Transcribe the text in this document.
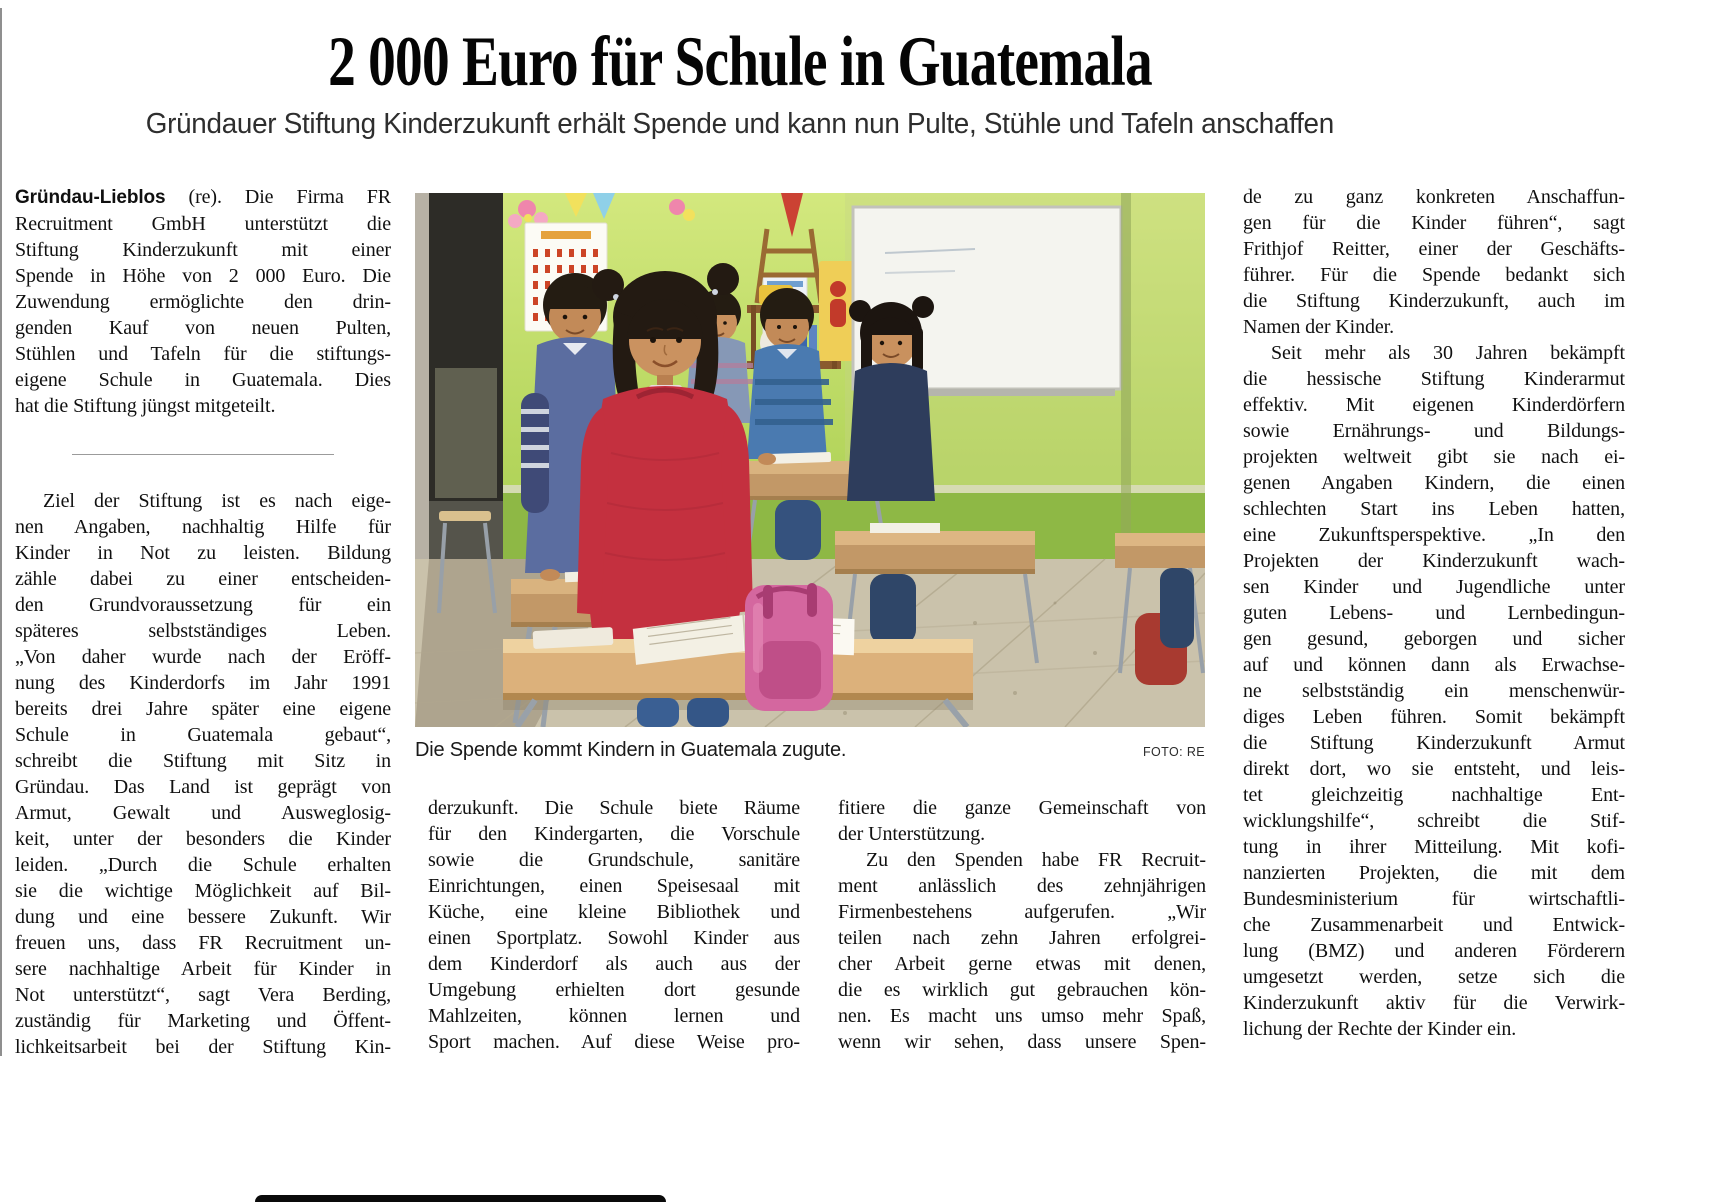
2 000 Euro für Schule in Guatemala
Gründauer Stiftung Kinderzukunft erhält Spende und kann nun Pulte, Stühle und Tafeln anschaffen
Gründau-Lieblos (re). Die Firma FR
Recruitment GmbH unterstützt die
Stiftung Kinderzukunft mit einer
Spende in Höhe von 2 000 Euro. Die
Zuwendung ermöglichte den drin-
genden Kauf von neuen Pulten,
Stühlen und Tafeln für die stiftungs-
eigene Schule in Guatemala. Dies
hat die Stiftung jüngst mitgeteilt.
Ziel der Stiftung ist es nach eige-
nen Angaben, nachhaltig Hilfe für
Kinder in Not zu leisten. Bildung
zähle dabei zu einer entscheiden-
den Grundvoraussetzung für ein
späteres selbstständiges Leben.
„Von daher wurde nach der Eröff-
nung des Kinderdorfs im Jahr 1991
bereits drei Jahre später eine eigene
Schule in Guatemala gebaut“,
schreibt die Stiftung mit Sitz in
Gründau. Das Land ist geprägt von
Armut, Gewalt und Ausweglosig-
keit, unter der besonders die Kinder
leiden. „Durch die Schule erhalten
sie die wichtige Möglichkeit auf Bil-
dung und eine bessere Zukunft. Wir
freuen uns, dass FR Recruitment un-
sere nachhaltige Arbeit für Kinder in
Not unterstützt“, sagt Vera Berding,
zuständig für Marketing und Öffent-
lichkeitsarbeit bei der Stiftung Kin-
Die Spende kommt Kindern in Guatemala zugute.	FOTO: RE
derzukunft. Die Schule biete Räume
für den Kindergarten, die Vorschule
sowie die Grundschule, sanitäre
Einrichtungen, einen Speisesaal mit
Küche, eine kleine Bibliothek und
einen Sportplatz. Sowohl Kinder aus
dem Kinderdorf als auch aus der
Umgebung erhielten dort gesunde
Mahlzeiten, können lernen und
Sport machen. Auf diese Weise pro-
fitiere die ganze Gemeinschaft von
der Unterstützung.
Zu den Spenden habe FR Recruit-
ment anlässlich des zehnjährigen
Firmenbestehens aufgerufen. „Wir
teilen nach zehn Jahren erfolgrei-
cher Arbeit gerne etwas mit denen,
die es wirklich gut gebrauchen kön-
nen. Es macht uns umso mehr Spaß,
wenn wir sehen, dass unsere Spen-
de zu ganz konkreten Anschaffun-
gen für die Kinder führen“, sagt
Frithjof Reitter, einer der Geschäfts-
führer. Für die Spende bedankt sich
die Stiftung Kinderzukunft, auch im
Namen der Kinder.
Seit mehr als 30 Jahren bekämpft
die hessische Stiftung Kinderarmut
effektiv. Mit eigenen Kinderdörfern
sowie Ernährungs- und Bildungs-
projekten weltweit gibt sie nach ei-
genen Angaben Kindern, die einen
schlechten Start ins Leben hatten,
eine Zukunftsperspektive. „In den
Projekten der Kinderzukunft wach-
sen Kinder und Jugendliche unter
guten Lebens- und Lernbedingun-
gen gesund, geborgen und sicher
auf und können dann als Erwachse-
ne selbstständig ein menschenwür-
diges Leben führen. Somit bekämpft
die Stiftung Kinderzukunft Armut
direkt dort, wo sie entsteht, und leis-
tet gleichzeitig nachhaltige Ent-
wicklungshilfe“, schreibt die Stif-
tung in ihrer Mitteilung. Mit kofi-
nanzierten Projekten, die mit dem
Bundesministerium für wirtschaftli-
che Zusammenarbeit und Entwick-
lung (BMZ) und anderen Förderern
umgesetzt werden, setze sich die
Kinderzukunft aktiv für die Verwirk-
lichung der Rechte der Kinder ein.
